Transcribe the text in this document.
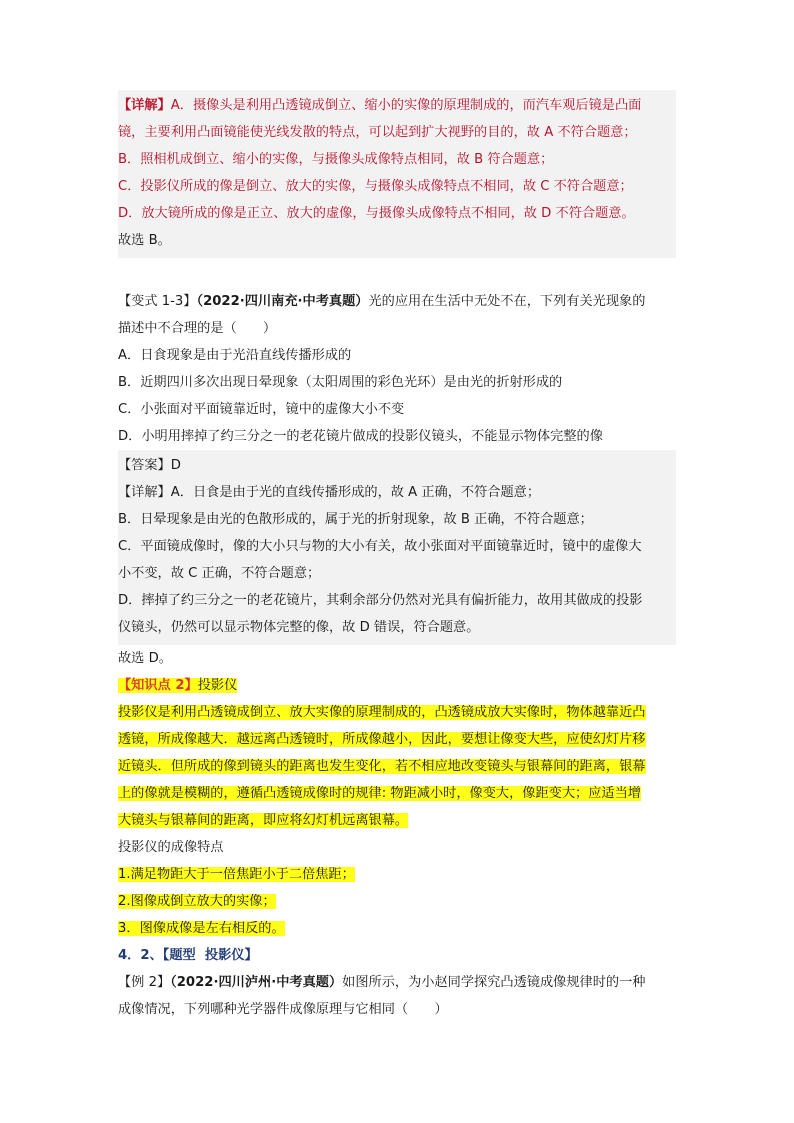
【详解】A．摄像头是利用凸透镜成倒立、缩小的实像的原理制成的，而汽车观后镜是凸面
镜，主要利用凸面镜能使光线发散的特点，可以起到扩大视野的目的，故 A 不符合题意；
B．照相机成倒立、缩小的实像，与摄像头成像特点相同，故 B 符合题意；
C．投影仪所成的像是倒立、放大的实像，与摄像头成像特点不相同，故 C 不符合题意；
D．放大镜所成的像是正立、放大的虚像，与摄像头成像特点不相同，故 D 不符合题意。
故选 B。
【变式 1-3】（2022·四川南充·中考真题）光的应用在生活中无处不在，下列有关光现象的
描述中不合理的是（　　）
A．日食现象是由于光沿直线传播形成的
B．近期四川多次出现日晕现象（太阳周围的彩色光环）是由光的折射形成的
C．小张面对平面镜靠近时，镜中的虚像大小不变
D．小明用摔掉了约三分之一的老花镜片做成的投影仪镜头，不能显示物体完整的像
【答案】D
【详解】A．日食是由于光的直线传播形成的，故 A 正确，不符合题意；
B．日晕现象是由光的色散形成的，属于光的折射现象，故 B 正确，不符合题意；
C．平面镜成像时，像的大小只与物的大小有关，故小张面对平面镜靠近时，镜中的虚像大
小不变，故 C 正确，不符合题意；
D．摔掉了约三分之一的老花镜片，其剩余部分仍然对光具有偏折能力，故用其做成的投影
仪镜头，仍然可以显示物体完整的像，故 D 错误，符合题意。
故选 D。
【知识点 2】投影仪
投影仪是利用凸透镜成倒立、放大实像的原理制成的，凸透镜成放大实像时，物体越靠近凸
透镜，所成像越大．越远离凸透镜时，所成像越小，因此，要想让像变大些，应使幻灯片移
近镜头．但所成的像到镜头的距离也发生变化，若不相应地改变镜头与银幕间的距离，银幕
上的像就是模糊的，遵循凸透镜成像时的规律: 物距减小时，像变大，像距变大；应适当增
大镜头与银幕间的距离，即应将幻灯机远离银幕。
投影仪的成像特点
1.满足物距大于一倍焦距小于二倍焦距；
2.图像成倒立放大的实像；
3．图像成像是左右相反的。
4．2、【题型 投影仪】
【例 2】（2022·四川泸州·中考真题）如图所示，为小赵同学探究凸透镜成像规律时的一种
成像情况，下列哪种光学器件成像原理与它相同（　　）
